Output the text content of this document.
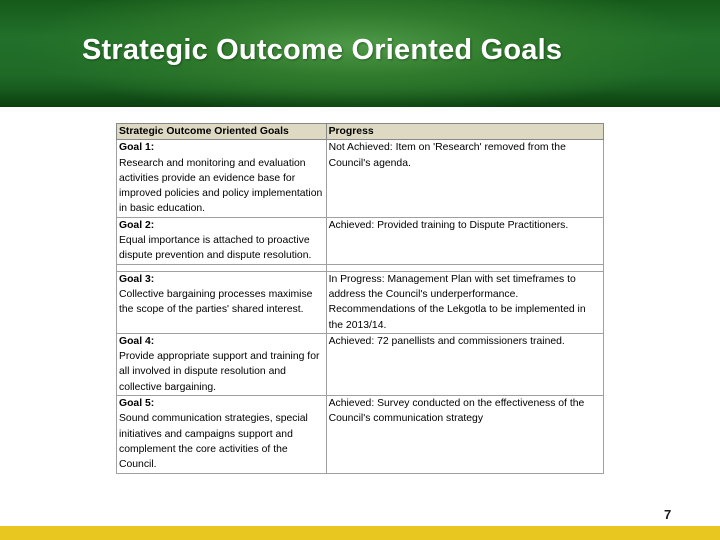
Strategic Outcome Oriented Goals
Strategic Outcome Oriented Goals	Progress

Goal 1:
Research and monitoring and evaluation activities provide an evidence base for improved policies and policy implementation in basic education.	Not Achieved: Item on 'Research' removed from the Council's agenda.

Goal 2:
Equal importance is attached to proactive dispute prevention and dispute resolution.	Achieved: Provided training to Dispute Practitioners.

Goal 3:
Collective bargaining processes maximise the scope of the parties' shared interest.	In Progress: Management Plan with set timeframes to address the Council's underperformance. Recommendations of the Lekgotla to be implemented in the 2013/14.

Goal 4:
Provide appropriate support and training for all involved in dispute resolution and collective bargaining.	Achieved: 72 panellists and commissioners trained.

Goal 5:
Sound communication strategies, special initiatives and campaigns support and complement the core activities of the Council.	Achieved: Survey conducted on the effectiveness of the Council's communication strategy
7
